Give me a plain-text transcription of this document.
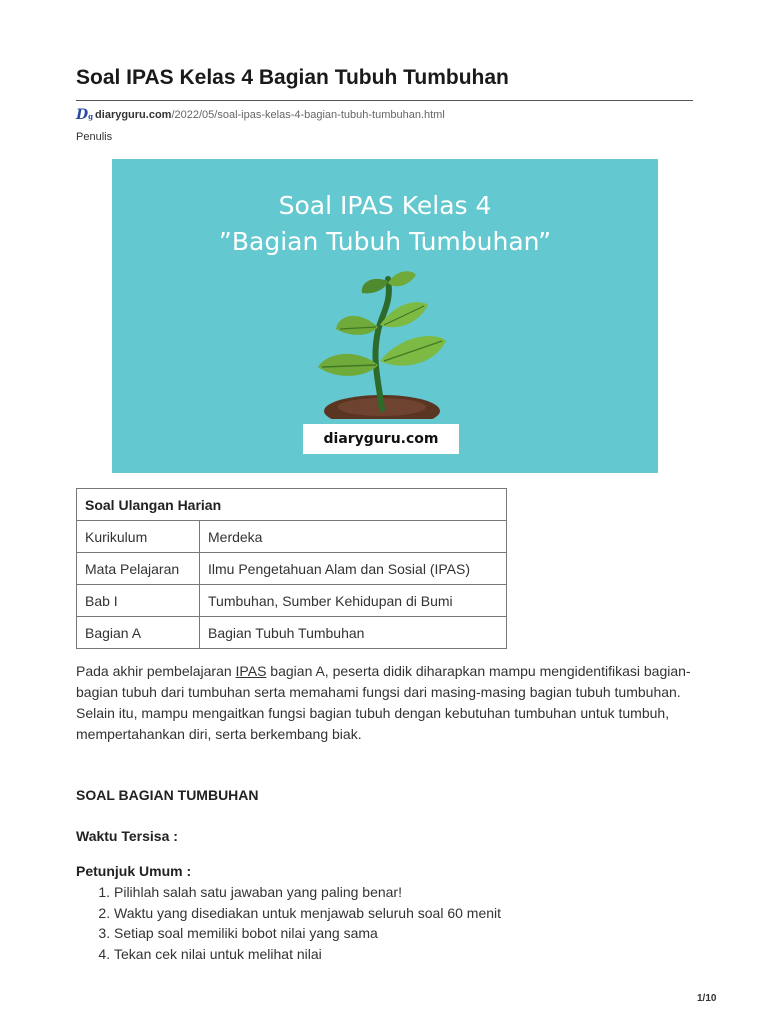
Soal IPAS Kelas 4 Bagian Tubuh Tumbuhan
Dg diaryguru.com /2022/05/soal-ipas-kelas-4-bagian-tubuh-tumbuhan.html
Penulis
Soal IPAS Kelas 4
”Bagian Tubuh Tumbuhan”
diaryguru.com
Soal Ulangan Harian	
Kurikulum	Merdeka
Mata Pelajaran	Ilmu Pengetahuan Alam dan Sosial (IPAS)
Bab I	Tumbuhan, Sumber Kehidupan di Bumi
Bagian A	Bagian Tubuh Tumbuhan

Pada akhir pembelajaran IPAS bagian A, peserta didik diharapkan mampu mengidentifikasi bagian-bagian tubuh dari tumbuhan serta memahami fungsi dari masing-masing bagian tubuh tumbuhan. Selain itu, mampu mengaitkan fungsi bagian tubuh dengan kebutuhan tumbuhan untuk tumbuh, mempertahankan diri, serta berkembang biak.

SOAL BAGIAN TUMBUHAN
Waktu Tersisa :
Petunjuk Umum :
1. Pilihlah salah satu jawaban yang paling benar!
2. Waktu yang disediakan untuk menjawab seluruh soal 60 menit
3. Setiap soal memiliki bobot nilai yang sama
4. Tekan cek nilai untuk melihat nilai
1/10
